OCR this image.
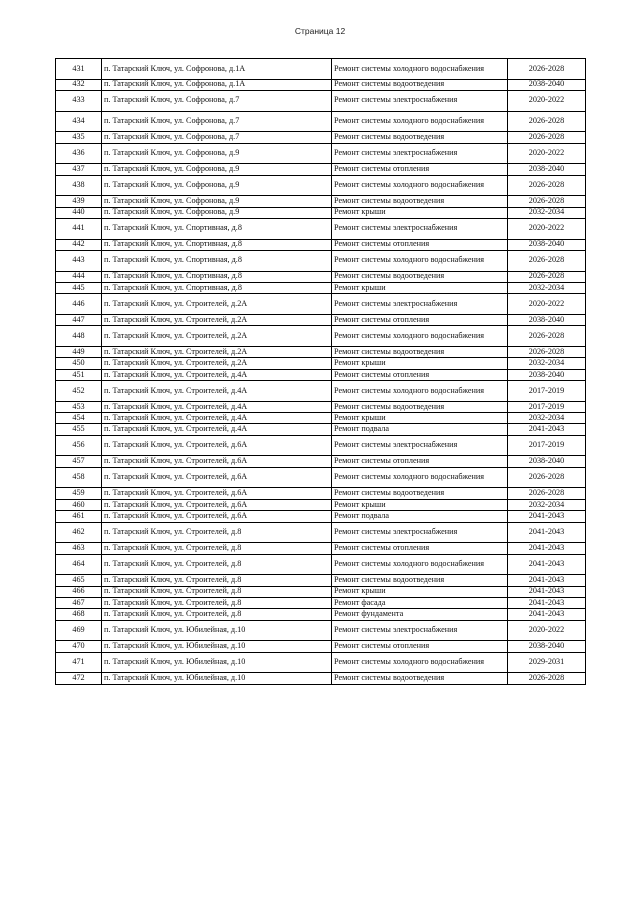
Страница 12
431	п. Татарский Ключ, ул. Софронова, д.1А	Ремонт системы холодного водоснабжения	2026-2028
432	п. Татарский Ключ, ул. Софронова, д.1А	Ремонт системы водоотведения	2038-2040
433	п. Татарский Ключ, ул. Софронова, д.7	Ремонт системы электроснабжения	2020-2022
434	п. Татарский Ключ, ул. Софронова, д.7	Ремонт системы холодного водоснабжения	2026-2028
435	п. Татарский Ключ, ул. Софронова, д.7	Ремонт системы водоотведения	2026-2028
436	п. Татарский Ключ, ул. Софронова, д.9	Ремонт системы электроснабжения	2020-2022
437	п. Татарский Ключ, ул. Софронова, д.9	Ремонт системы отопления	2038-2040
438	п. Татарский Ключ, ул. Софронова, д.9	Ремонт системы холодного водоснабжения	2026-2028
439	п. Татарский Ключ, ул. Софронова, д.9	Ремонт системы водоотведения	2026-2028
440	п. Татарский Ключ, ул. Софронова, д.9	Ремонт крыши	2032-2034
441	п. Татарский Ключ, ул. Спортивная, д.8	Ремонт системы электроснабжения	2020-2022
442	п. Татарский Ключ, ул. Спортивная, д.8	Ремонт системы отопления	2038-2040
443	п. Татарский Ключ, ул. Спортивная, д.8	Ремонт системы холодного водоснабжения	2026-2028
444	п. Татарский Ключ, ул. Спортивная, д.8	Ремонт системы водоотведения	2026-2028
445	п. Татарский Ключ, ул. Спортивная, д.8	Ремонт крыши	2032-2034
446	п. Татарский Ключ, ул. Строителей, д.2А	Ремонт системы электроснабжения	2020-2022
447	п. Татарский Ключ, ул. Строителей, д.2А	Ремонт системы отопления	2038-2040
448	п. Татарский Ключ, ул. Строителей, д.2А	Ремонт системы холодного водоснабжения	2026-2028
449	п. Татарский Ключ, ул. Строителей, д.2А	Ремонт системы водоотведения	2026-2028
450	п. Татарский Ключ, ул. Строителей, д.2А	Ремонт крыши	2032-2034
451	п. Татарский Ключ, ул. Строителей, д.4А	Ремонт системы отопления	2038-2040
452	п. Татарский Ключ, ул. Строителей, д.4А	Ремонт системы холодного водоснабжения	2017-2019
453	п. Татарский Ключ, ул. Строителей, д.4А	Ремонт системы водоотведения	2017-2019
454	п. Татарский Ключ, ул. Строителей, д.4А	Ремонт крыши	2032-2034
455	п. Татарский Ключ, ул. Строителей, д.4А	Ремонт подвала	2041-2043
456	п. Татарский Ключ, ул. Строителей, д.6А	Ремонт системы электроснабжения	2017-2019
457	п. Татарский Ключ, ул. Строителей, д.6А	Ремонт системы отопления	2038-2040
458	п. Татарский Ключ, ул. Строителей, д.6А	Ремонт системы холодного водоснабжения	2026-2028
459	п. Татарский Ключ, ул. Строителей, д.6А	Ремонт системы водоотведения	2026-2028
460	п. Татарский Ключ, ул. Строителей, д.6А	Ремонт крыши	2032-2034
461	п. Татарский Ключ, ул. Строителей, д.6А	Ремонт подвала	2041-2043
462	п. Татарский Ключ, ул. Строителей, д.8	Ремонт системы электроснабжения	2041-2043
463	п. Татарский Ключ, ул. Строителей, д.8	Ремонт системы отопления	2041-2043
464	п. Татарский Ключ, ул. Строителей, д.8	Ремонт системы холодного водоснабжения	2041-2043
465	п. Татарский Ключ, ул. Строителей, д.8	Ремонт системы водоотведения	2041-2043
466	п. Татарский Ключ, ул. Строителей, д.8	Ремонт крыши	2041-2043
467	п. Татарский Ключ, ул. Строителей, д.8	Ремонт фасада	2041-2043
468	п. Татарский Ключ, ул. Строителей, д.8	Ремонт фундамента	2041-2043
469	п. Татарский Ключ, ул. Юбилейная, д.10	Ремонт системы электроснабжения	2020-2022
470	п. Татарский Ключ, ул. Юбилейная, д.10	Ремонт системы отопления	2038-2040
471	п. Татарский Ключ, ул. Юбилейная, д.10	Ремонт системы холодного водоснабжения	2029-2031
472	п. Татарский Ключ, ул. Юбилейная, д.10	Ремонт системы водоотведения	2026-2028
